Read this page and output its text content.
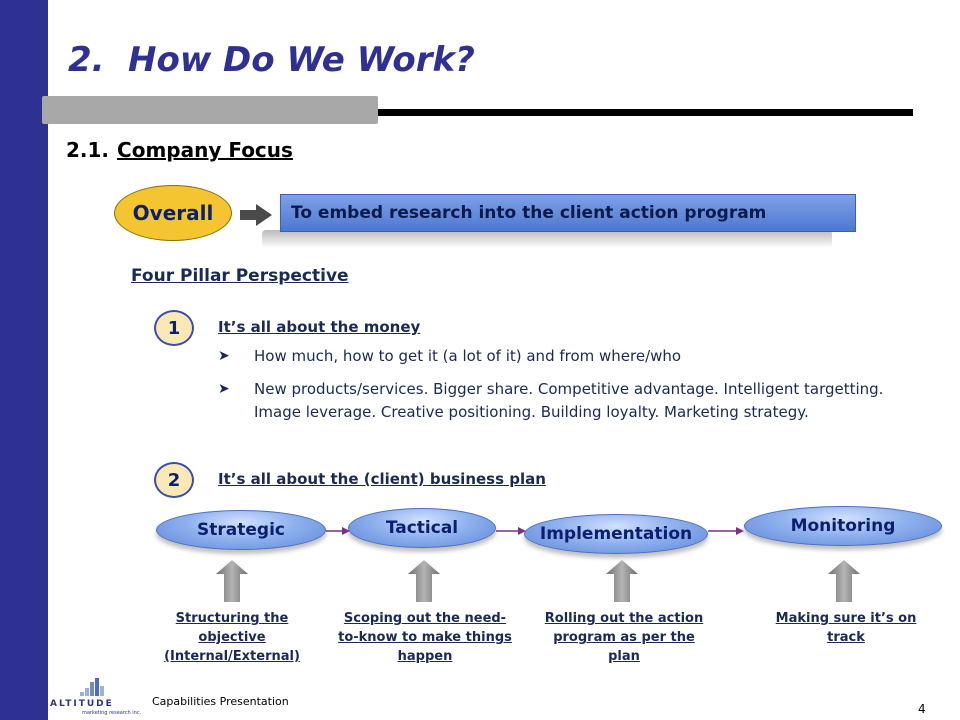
2. How Do We Work?
2.1. Company Focus
Overall	To embed research into the client action program
Four Pillar Perspective
1	It’s all about the money
➤	How much, how to get it (a lot of it) and from where/who
➤	New products/services. Bigger share. Competitive advantage. Intelligent targetting. Image leverage. Creative positioning. Building loyalty. Marketing strategy.
2	It’s all about the (client) business plan
Strategic	Tactical	Implementation	Monitoring
Structuring the objective (Internal/External)
Scoping out the need-to-know to make things happen
Rolling out the action program as per the plan
Making sure it’s on track
ALTITUDE
marketing research inc.
Capabilities Presentation
4
